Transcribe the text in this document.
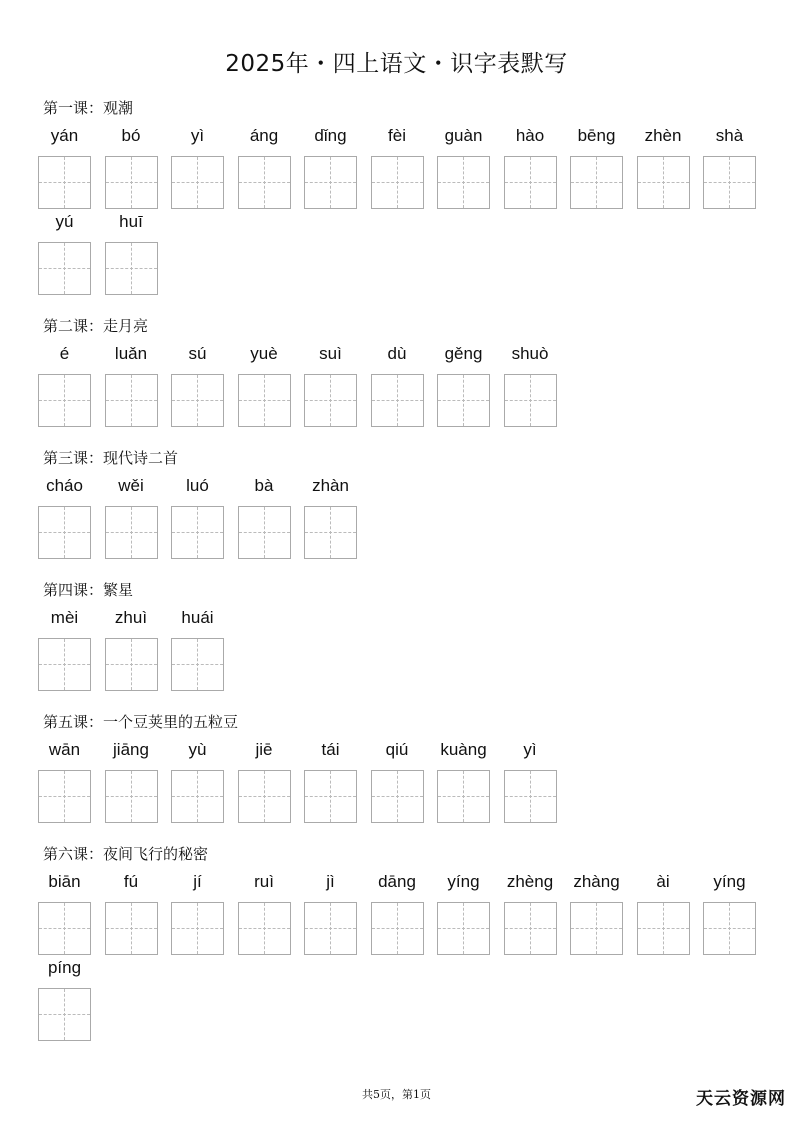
2025年・四上语文・识字表默写
第一课：观潮
yán	bó	yì	áng	dǐng	fèi	guàn	hào	bēng	zhèn	shà
yú	huī
第二课：走月亮
é	luǎn	sú	yuè	suì	dù	gěng	shuò
第三课：现代诗二首
cháo	wěi	luó	bà	zhàn
第四课：繁星
mèi	zhuì	huái
第五课：一个豆荚里的五粒豆
wān	jiāng	yù	jiē	tái	qiú	kuàng	yì
第六课：夜间飞行的秘密
biān	fú	jí	ruì	jì	dāng	yíng	zhèng zhàng	ài	yíng
píng
共5页，第1页	天云资源网
